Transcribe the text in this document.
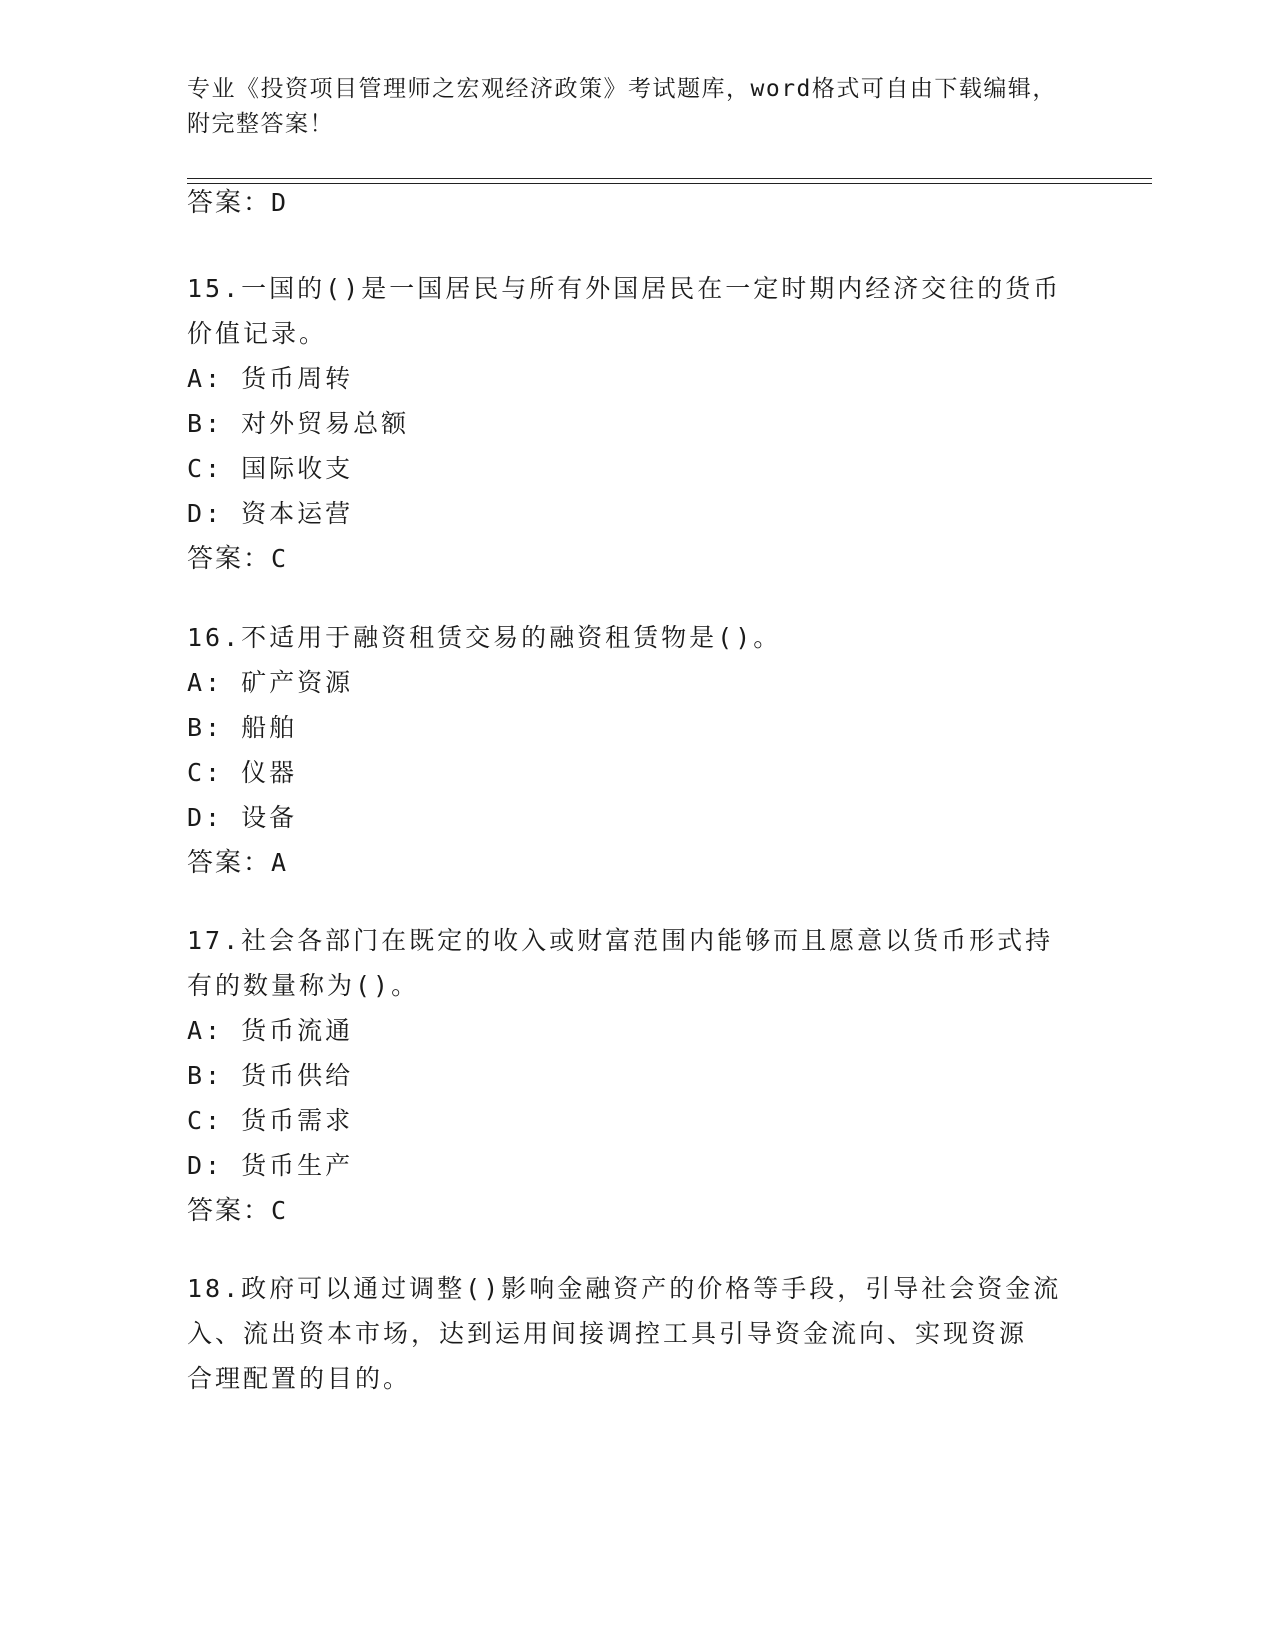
专业《投资项目管理师之宏观经济政策》考试题库，word格式可自由下载编辑，
附完整答案！
答案：D
15.一国的()是一国居民与所有外国居民在一定时期内经济交往的货币
价值记录。
A: 货币周转
B: 对外贸易总额
C: 国际收支
D: 资本运营
答案：C
16.不适用于融资租赁交易的融资租赁物是()。
A: 矿产资源
B: 船舶
C: 仪器
D: 设备
答案：A
17.社会各部门在既定的收入或财富范围内能够而且愿意以货币形式持
有的数量称为()。
A: 货币流通
B: 货币供给
C: 货币需求
D: 货币生产
答案：C
18.政府可以通过调整()影响金融资产的价格等手段，引导社会资金流
入、流出资本市场，达到运用间接调控工具引导资金流向、实现资源
合理配置的目的。
